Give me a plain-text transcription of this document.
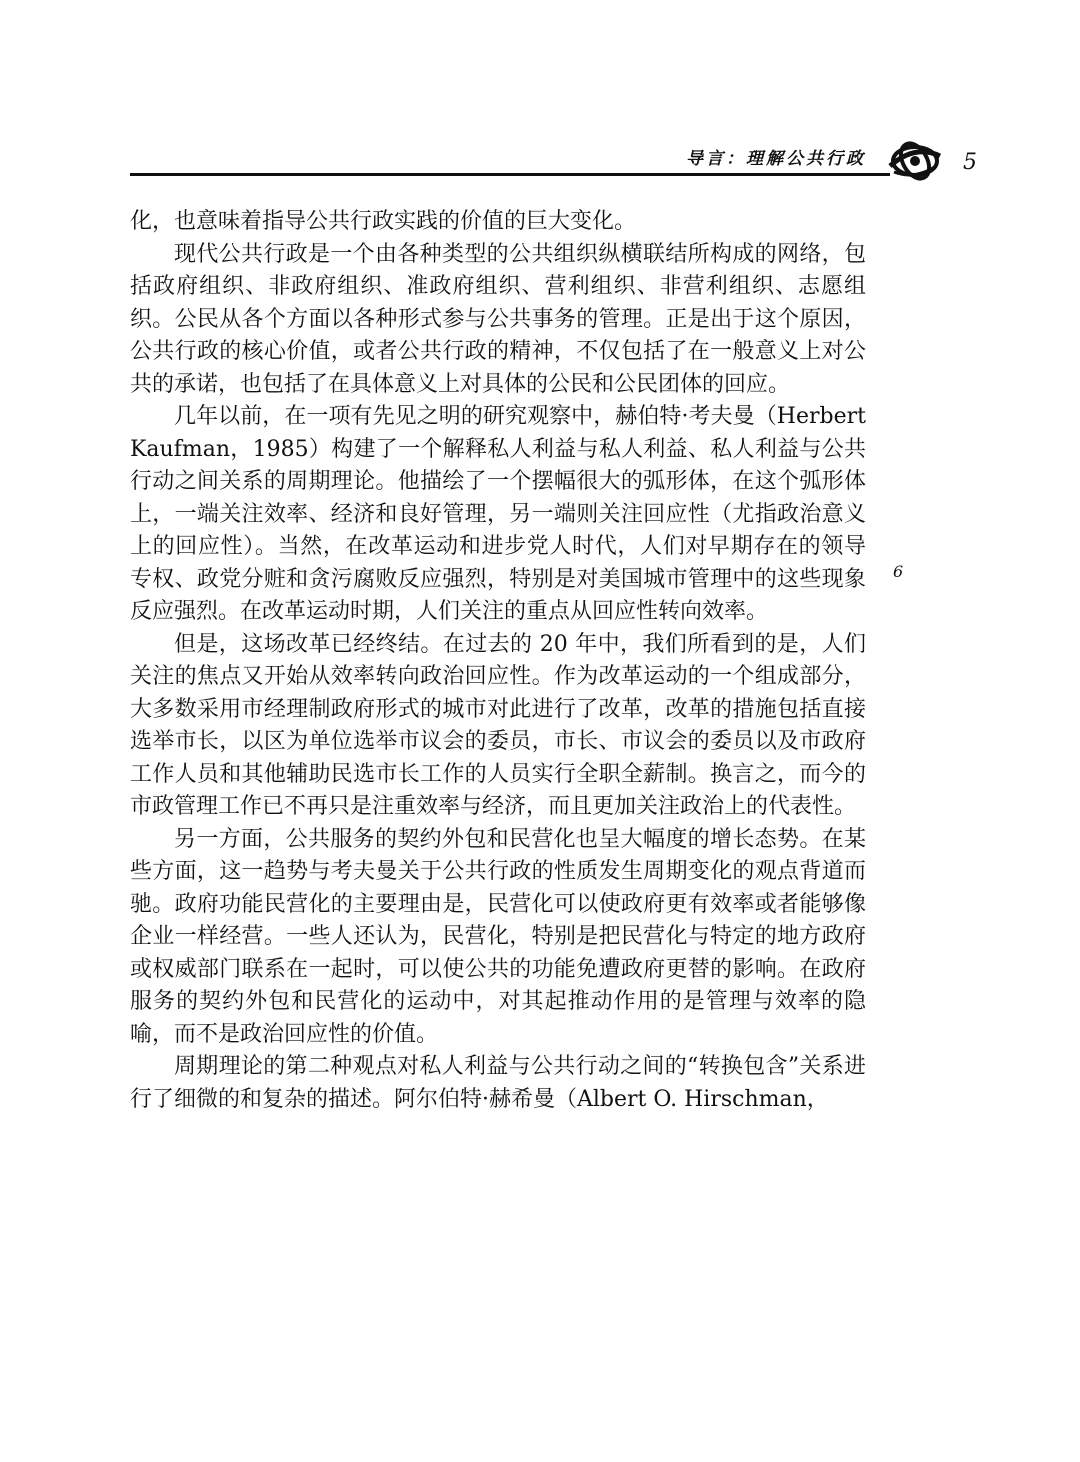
导言：理解公共行政	5

化，也意味着指导公共行政实践的价值的巨大变化。

现代公共行政是一个由各种类型的公共组织纵横联结所构成的网络，包括政府组织、非政府组织、准政府组织、营利组织、非营利组织、志愿组织。公民从各个方面以各种形式参与公共事务的管理。正是出于这个原因，公共行政的核心价值，或者公共行政的精神，不仅包括了在一般意义上对公共的承诺，也包括了在具体意义上对具体的公民和公民团体的回应。

几年以前，在一项有先见之明的研究观察中，赫伯特·考夫曼（Herbert Kaufman，1985）构建了一个解释私人利益与私人利益、私人利益与公共行动之间关系的周期理论。他描绘了一个摆幅很大的弧形体，在这个弧形体上，一端关注效率、经济和良好管理，另一端则关注回应性（尤指政治意义上的回应性）。当然，在改革运动和进步党人时代，人们对早期存在的领导专权、政党分赃和贪污腐败反应强烈，特别是对美国城市管理中的这些现象反应强烈。在改革运动时期，人们关注的重点从回应性转向效率。

但是，这场改革已经终结。在过去的 20 年中，我们所看到的是，人们关注的焦点又开始从效率转向政治回应性。作为改革运动的一个组成部分，大多数采用市经理制政府形式的城市对此进行了改革，改革的措施包括直接选举市长，以区为单位选举市议会的委员，市长、市议会的委员以及市政府工作人员和其他辅助民选市长工作的人员实行全职全薪制。换言之，而今的市政管理工作已不再只是注重效率与经济，而且更加关注政治上的代表性。

另一方面，公共服务的契约外包和民营化也呈大幅度的增长态势。在某些方面，这一趋势与考夫曼关于公共行政的性质发生周期变化的观点背道而驰。政府功能民营化的主要理由是，民营化可以使政府更有效率或者能够像企业一样经营。一些人还认为，民营化，特别是把民营化与特定的地方政府或权威部门联系在一起时，可以使公共的功能免遭政府更替的影响。在政府服务的契约外包和民营化的运动中，对其起推动作用的是管理与效率的隐喻，而不是政治回应性的价值。

周期理论的第二种观点对私人利益与公共行动之间的“转换包含”关系进行了细微的和复杂的描述。阿尔伯特·赫希曼（Albert O. Hirschman，

6
